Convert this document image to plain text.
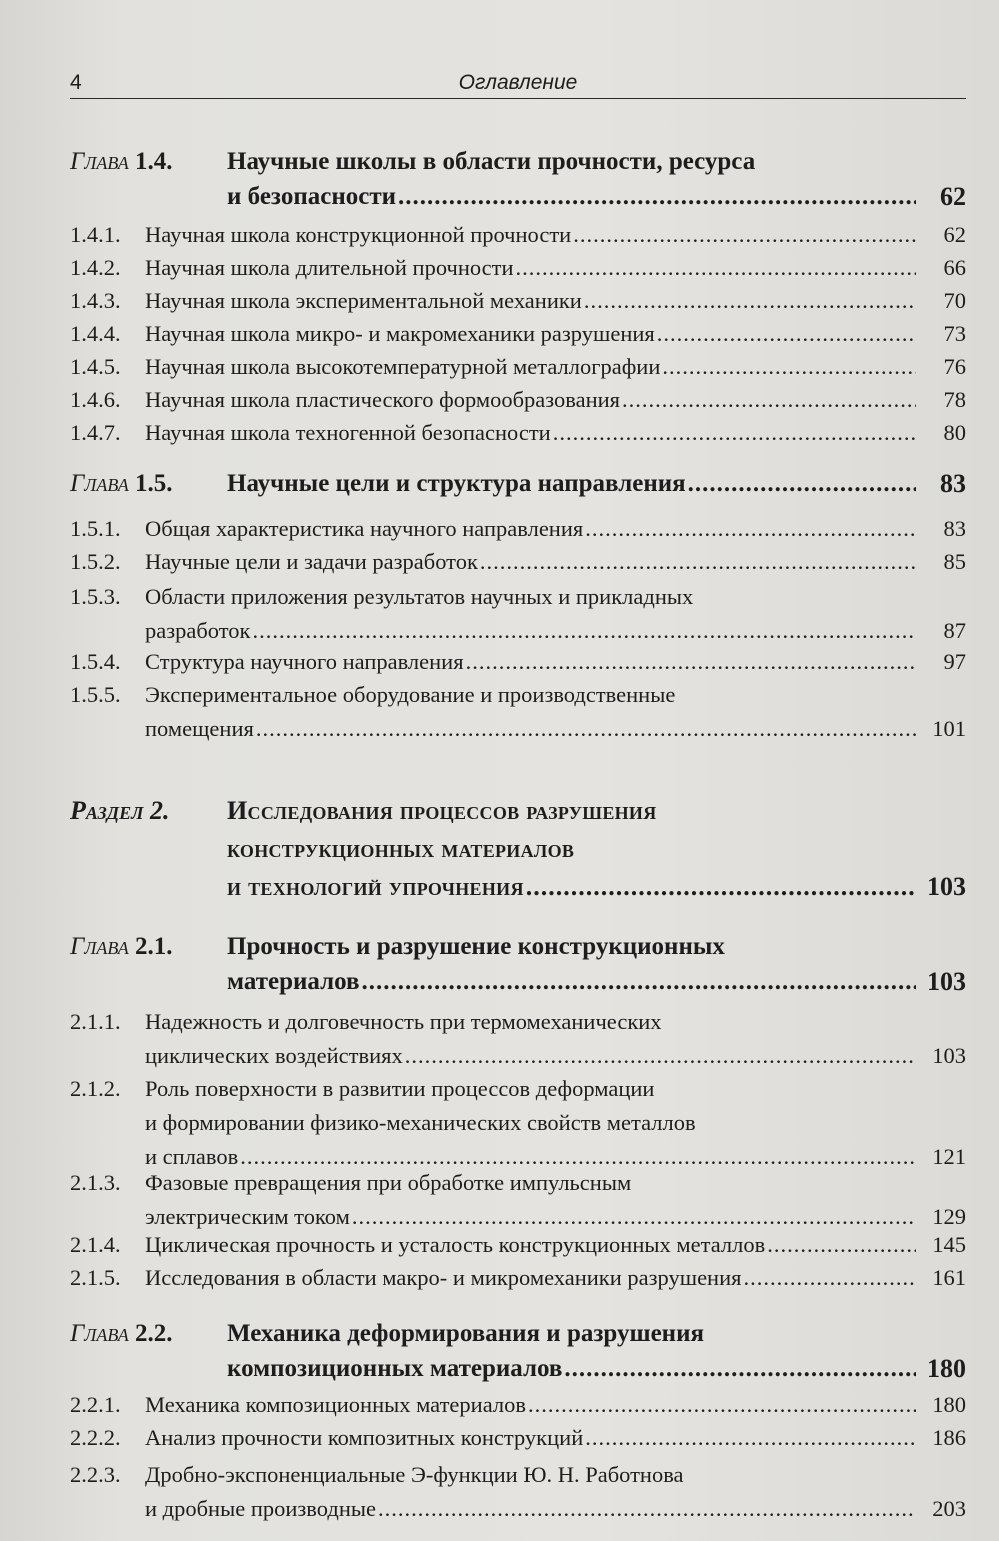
4	Оглавление
Глава 1.4. Научные школы в области прочности, ресурса
и безопасности .....	62
1.4.1. Научная школа конструкционной прочности .....	62
1.4.2. Научная школа длительной прочности .....	66
1.4.3. Научная школа экспериментальной механики .....	70
1.4.4. Научная школа микро- и макромеханики разрушения .....	73
1.4.5. Научная школа высокотемпературной металлографии .....	76
1.4.6. Научная школа пластического формообразования .....	78
1.4.7. Научная школа техногенной безопасности .....	80
Глава 1.5. Научные цели и структура направления .....	83
1.5.1. Общая характеристика научного направления .....	83
1.5.2. Научные цели и задачи разработок .....	85
1.5.3. Области приложения результатов научных и прикладных
разработок .....	87
1.5.4. Структура научного направления .....	97
1.5.5. Экспериментальное оборудование и производственные
помещения .....	101
Раздел 2. Исследования процессов разрушения
конструкционных материалов
и технологий упрочнения .....	103
Глава 2.1. Прочность и разрушение конструкционных
материалов .....	103
2.1.1. Надежность и долговечность при термомеханических
циклических воздействиях .....	103
2.1.2. Роль поверхности в развитии процессов деформации
и формировании физико-механических свойств металлов
и сплавов .....	121
2.1.3. Фазовые превращения при обработке импульсным
электрическим током .....	129
2.1.4. Циклическая прочность и усталость конструкционных металлов .....	145
2.1.5. Исследования в области макро- и микромеханики разрушения .....	161
Глава 2.2. Механика деформирования и разрушения
композиционных материалов .....	180
2.2.1. Механика композиционных материалов .....	180
2.2.2. Анализ прочности композитных конструкций .....	186
2.2.3. Дробно-экспоненциальные Э-функции Ю. Н. Работнова
и дробные производные .....	203
